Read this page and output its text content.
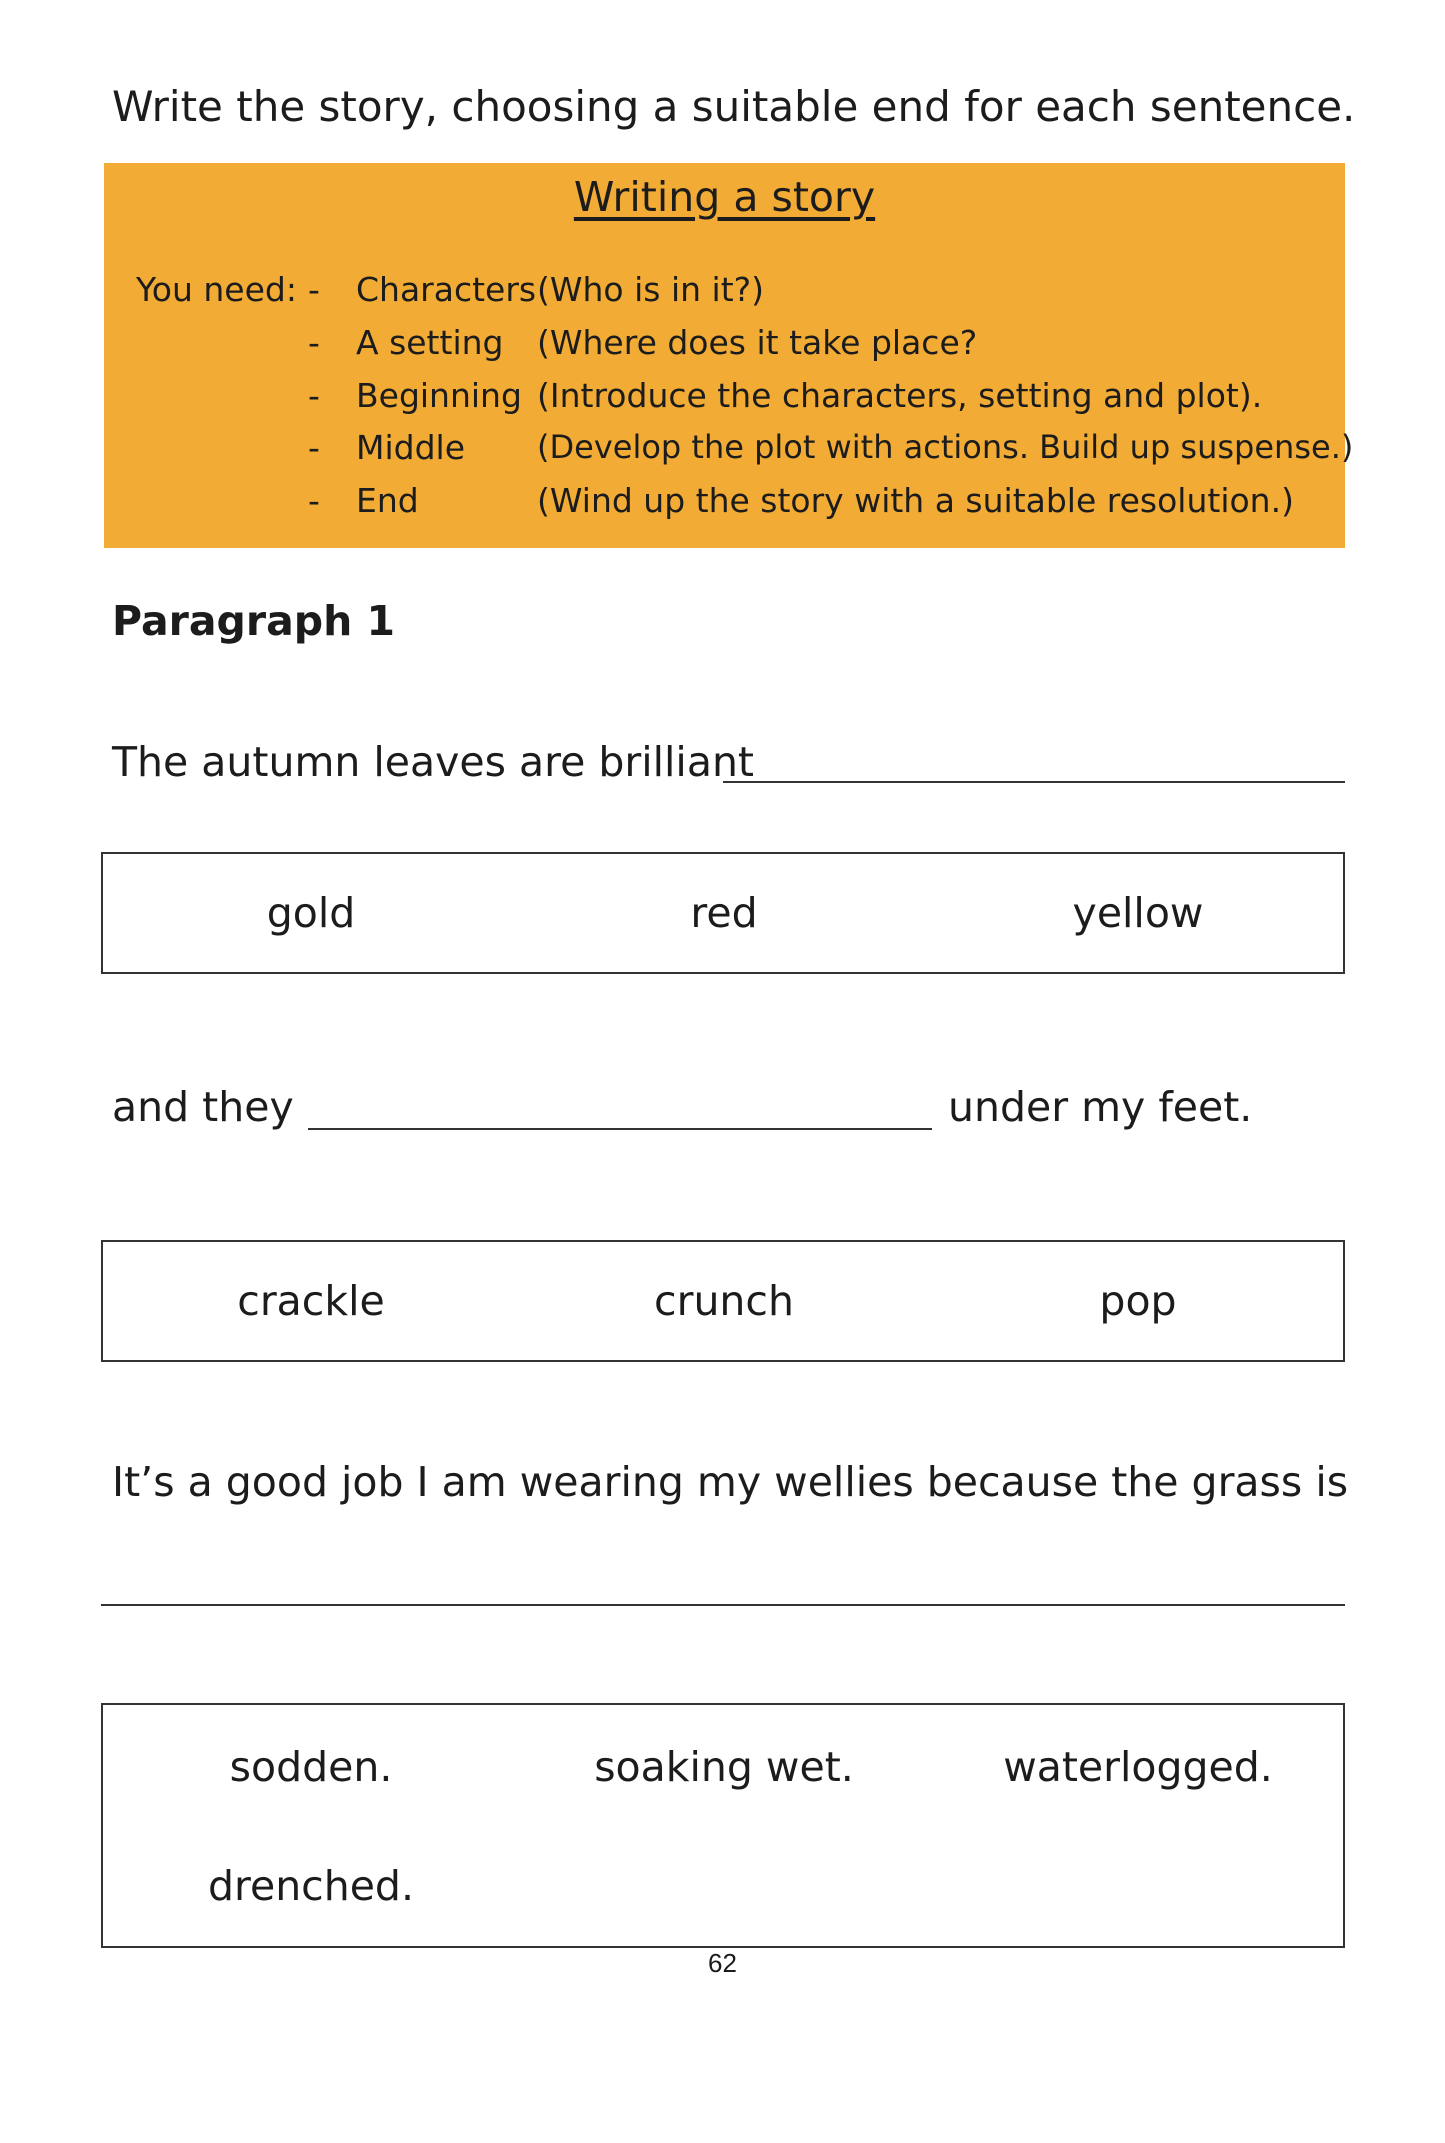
Write the story, choosing a suitable end for each sentence.
Writing a story
You need: - Characters (Who is in it?)
- A setting (Where does it take place?
- Beginning (Introduce the characters, setting and plot).
- Middle (Develop the plot with actions. Build up suspense.)
- End	(Wind up the story with a suitable resolution.)
Paragraph 1
The autumn leaves are brilliant
gold	red	yellow
and they	under my feet.
crackle	crunch	pop
It’s a good job I am wearing my wellies because the grass is
sodden.	soaking wet.	waterlogged.
drenched.
62
